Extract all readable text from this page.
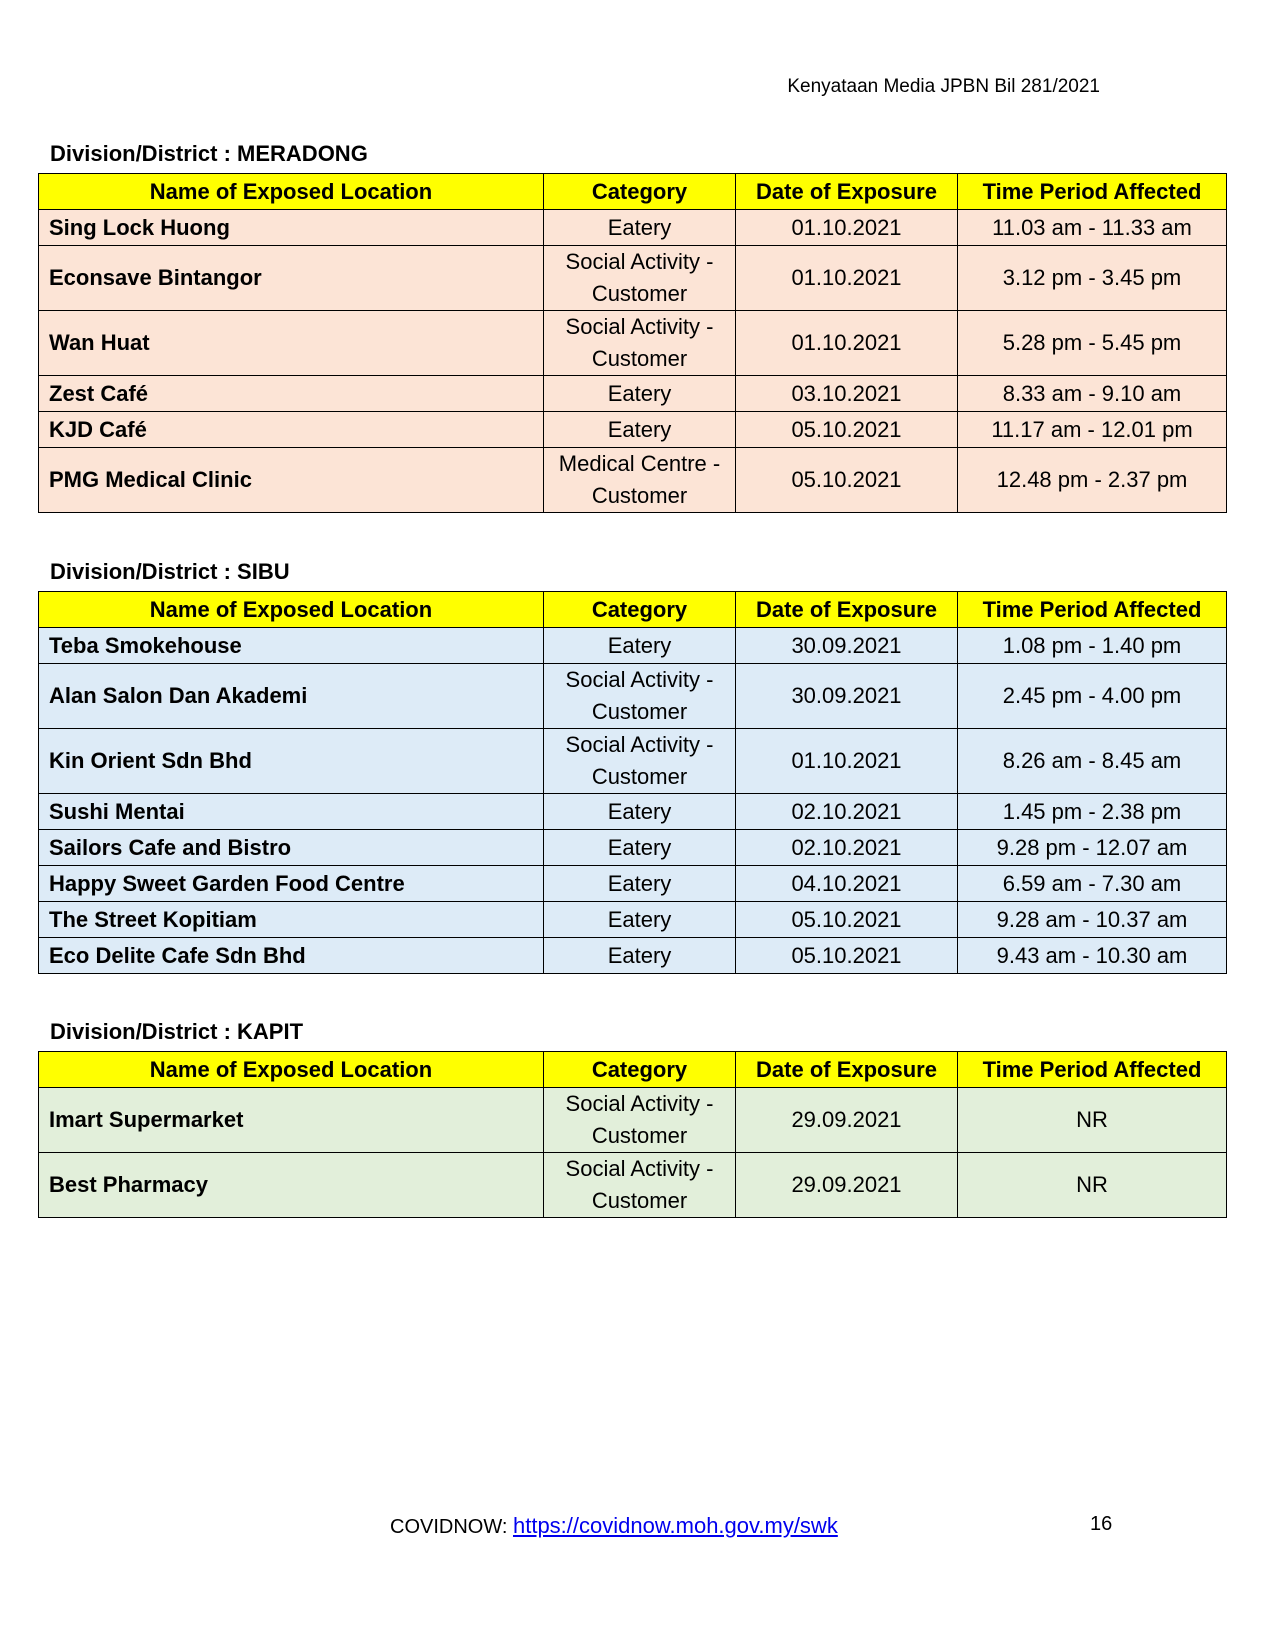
Kenyataan Media JPBN Bil 281/2021
Division/District : MERADONG
Name of Exposed Location	Category	Date of Exposure	Time Period Affected
Sing Lock Huong	Eatery	01.10.2021	11.03 am - 11.33 am
Econsave Bintangor	Social Activity - Customer	01.10.2021	3.12 pm - 3.45 pm
Wan Huat	Social Activity - Customer	01.10.2021	5.28 pm - 5.45 pm
Zest Café	Eatery	03.10.2021	8.33 am - 9.10 am
KJD Café	Eatery	05.10.2021	11.17 am - 12.01 pm
PMG Medical Clinic	Medical Centre - Customer	05.10.2021	12.48 pm - 2.37 pm
Division/District : SIBU
Name of Exposed Location	Category	Date of Exposure	Time Period Affected
Teba Smokehouse	Eatery	30.09.2021	1.08 pm - 1.40 pm
Alan Salon Dan Akademi	Social Activity - Customer	30.09.2021	2.45 pm - 4.00 pm
Kin Orient Sdn Bhd	Social Activity - Customer	01.10.2021	8.26 am - 8.45 am
Sushi Mentai	Eatery	02.10.2021	1.45 pm - 2.38 pm
Sailors Cafe and Bistro	Eatery	02.10.2021	9.28 pm - 12.07 am
Happy Sweet Garden Food Centre	Eatery	04.10.2021	6.59 am - 7.30 am
The Street Kopitiam	Eatery	05.10.2021	9.28 am - 10.37 am
Eco Delite Cafe Sdn Bhd	Eatery	05.10.2021	9.43 am - 10.30 am
Division/District : KAPIT
Name of Exposed Location	Category	Date of Exposure	Time Period Affected
Imart Supermarket	Social Activity - Customer	29.09.2021	NR
Best Pharmacy	Social Activity - Customer	29.09.2021	NR
COVIDNOW: https://covidnow.moh.gov.my/swk	16
